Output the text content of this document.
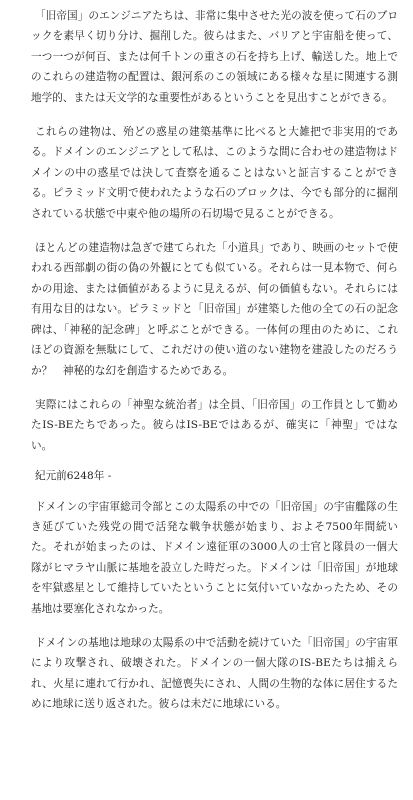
「旧帝国」のエンジニアたちは、非常に集中させた光の波を使って石のブロックを素早く切り分け、掘削した。彼らはまた、バリアと宇宙船を使って、一つ一つが何百、または何千トンの重さの石を持ち上げ、輸送した。地上でのこれらの建造物の配置は、銀河系のこの領域にある様々な星に関連する測地学的、または天文学的な重要性があるということを見出すことができる。

これらの建物は、殆どの惑星の建築基準に比べると大雑把で非実用的である。ドメインのエンジニアとして私は、このような間に合わせの建造物はドメインの中の惑星では決して査察を通ることはないと証言することができる。ピラミッド文明で使われたような石のブロックは、今でも部分的に掘削されている状態で中東や他の場所の石切場で見ることができる。

ほとんどの建造物は急ぎで建てられた「小道具」であり、映画のセットで使われる西部劇の街の偽の外観にとても似ている。それらは一見本物で、何らかの用途、または価値があるように見えるが、何の価値もない。それらには有用な目的はない。ピラミッドと「旧帝国」が建築した他の全ての石の記念碑は、「神秘的記念碑」と呼ぶことができる。一体何の理由のために、これほどの資源を無駄にして、これだけの使い道のない建物を建設したのだろうか？　神秘的な幻を創造するためである。

実際にはこれらの「神聖な統治者」は全員、「旧帝国」の工作員として勤めたIS-BEたちであった。彼らはIS-BEではあるが、確実に「神聖」ではない。

紀元前6248年 -

ドメインの宇宙軍総司令部とこの太陽系の中での「旧帝国」の宇宙艦隊の生き延びていた残党の間で活発な戦争状態が始まり、およそ7500年間続いた。それが始まったのは、ドメイン遠征軍の3000人の士官と隊員の一個大隊がヒマラヤ山脈に基地を設立した時だった。ドメインは「旧帝国」が地球を牢獄惑星として維持していたということに気付いていなかったため、その基地は要塞化されなかった。

ドメインの基地は地球の太陽系の中で活動を続けていた「旧帝国」の宇宙軍により攻撃され、破壊された。ドメインの一個大隊のIS-BEたちは捕えられ、火星に連れて行かれ、記憶喪失にされ、人間の生物的な体に居住するために地球に送り返された。彼らは未だに地球にいる。
